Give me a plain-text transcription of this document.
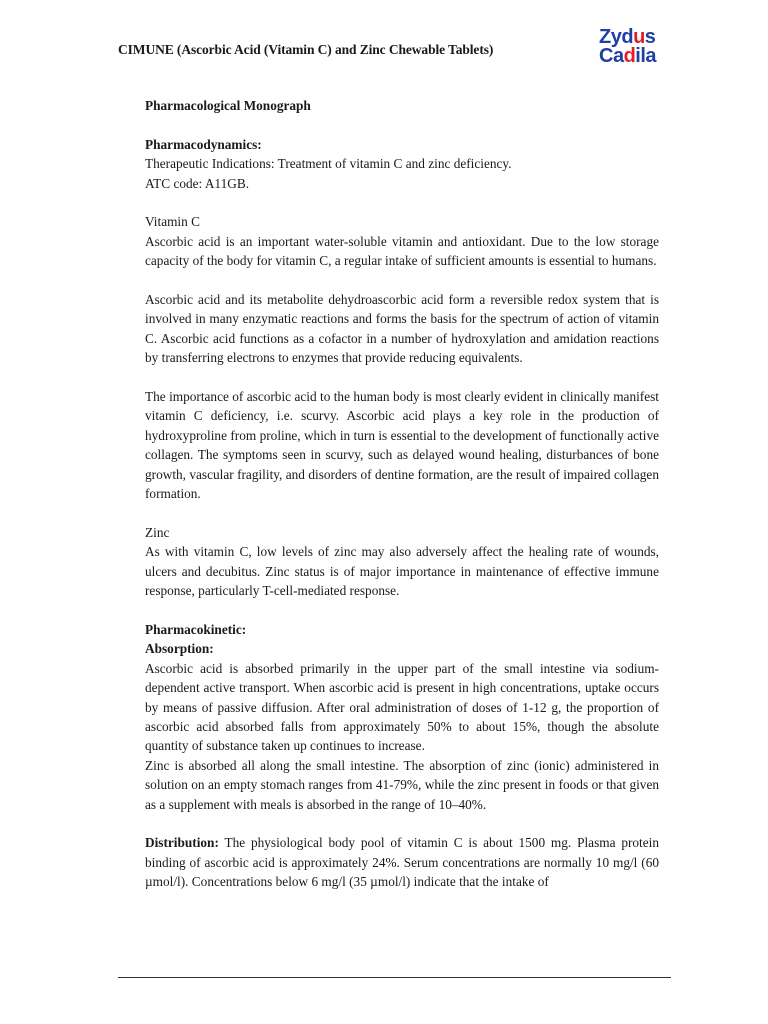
CIMUNE (Ascorbic Acid (Vitamin C) and Zinc Chewable Tablets)
Zydus
Cadila

Pharmacological Monograph

Pharmacodynamics:

Therapeutic Indications: Treatment of vitamin C and zinc deficiency.

ATC code: A11GB.

Vitamin C

Ascorbic acid is an important water-soluble vitamin and antioxidant. Due to the low storage capacity of the body for vitamin C, a regular intake of sufficient amounts is essential to humans.

Ascorbic acid and its metabolite dehydroascorbic acid form a reversible redox system that is involved in many enzymatic reactions and forms the basis for the spectrum of action of vitamin C. Ascorbic acid functions as a cofactor in a number of hydroxylation and amidation reactions by transferring electrons to enzymes that provide reducing equivalents.

The importance of ascorbic acid to the human body is most clearly evident in clinically manifest vitamin C deficiency, i.e. scurvy. Ascorbic acid plays a key role in the production of hydroxyproline from proline, which in turn is essential to the development of functionally active collagen. The symptoms seen in scurvy, such as delayed wound healing, disturbances of bone growth, vascular fragility, and disorders of dentine formation, are the result of impaired collagen formation.

Zinc

As with vitamin C, low levels of zinc may also adversely affect the healing rate of wounds, ulcers and decubitus. Zinc status is of major importance in maintenance of effective immune response, particularly T-cell-mediated response.

Pharmacokinetic:

Absorption:

Ascorbic acid is absorbed primarily in the upper part of the small intestine via sodium-dependent active transport. When ascorbic acid is present in high concentrations, uptake occurs by means of passive diffusion. After oral administration of doses of 1-12 g, the proportion of ascorbic acid absorbed falls from approximately 50% to about 15%, though the absolute quantity of substance taken up continues to increase.

Zinc is absorbed all along the small intestine. The absorption of zinc (ionic) administered in solution on an empty stomach ranges from 41-79%, while the zinc present in foods or that given as a supplement with meals is absorbed in the range of 10–40%.

Distribution: The physiological body pool of vitamin C is about 1500 mg. Plasma protein binding of ascorbic acid is approximately 24%. Serum concentrations are normally 10 mg/l (60 µmol/l). Concentrations below 6 mg/l (35 µmol/l) indicate that the intake of
